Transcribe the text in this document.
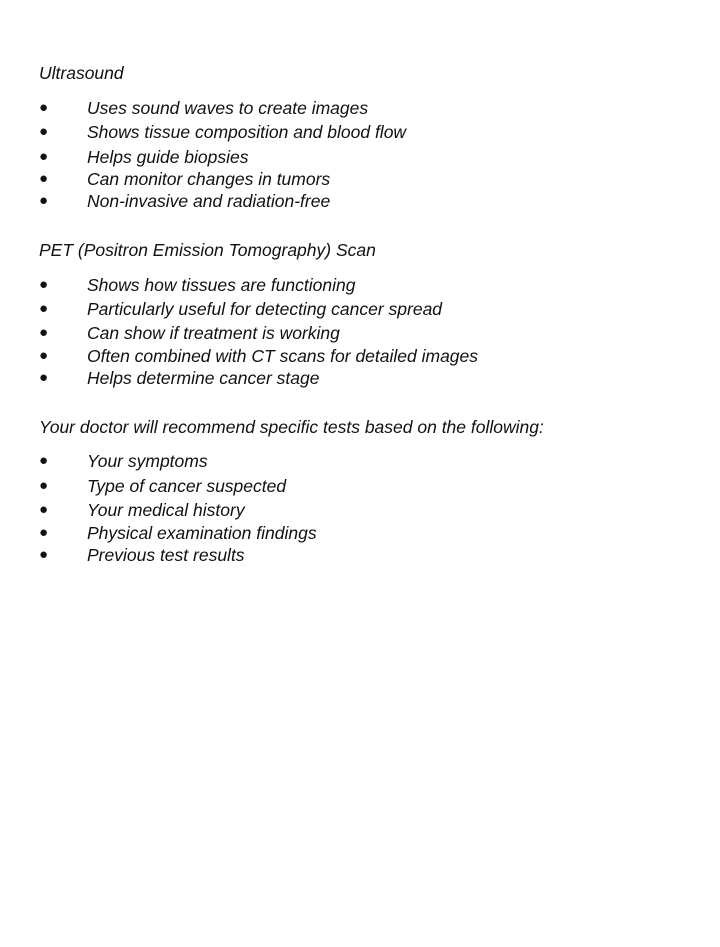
Ultrasound
● Uses sound waves to create images
● Shows tissue composition and blood flow
● Helps guide biopsies
● Can monitor changes in tumors
● Non-invasive and radiation-free
PET (Positron Emission Tomography) Scan
● Shows how tissues are functioning
● Particularly useful for detecting cancer spread
● Can show if treatment is working
● Often combined with CT scans for detailed images
● Helps determine cancer stage
Your doctor will recommend specific tests based on the following:
● Your symptoms
● Type of cancer suspected
● Your medical history
● Physical examination findings
● Previous test results
